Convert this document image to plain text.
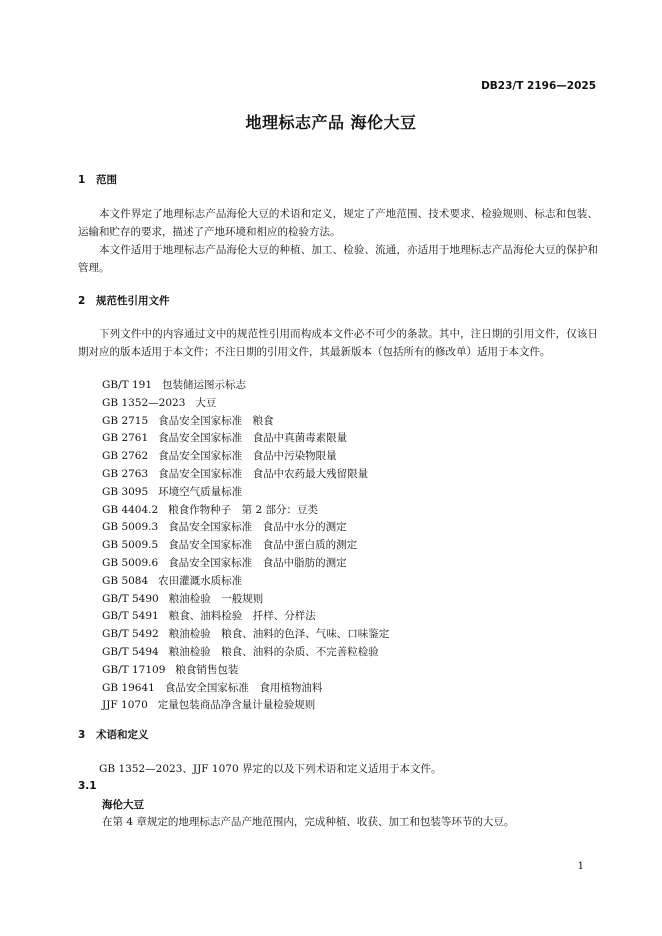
DB23/T 2196—2025
地理标志产品 海伦大豆
1 范围
本文件界定了地理标志产品海伦大豆的术语和定义，规定了产地范围、技术要求、检验规则、标志和包装、运输和贮存的要求，描述了产地环境和相应的检验方法。
本文件适用于地理标志产品海伦大豆的种植、加工、检验、流通，亦适用于地理标志产品海伦大豆的保护和管理。
2 规范性引用文件
下列文件中的内容通过文中的规范性引用而构成本文件必不可少的条款。其中，注日期的引用文件，仅该日期对应的版本适用于本文件；不注日期的引用文件，其最新版本（包括所有的修改单）适用于本文件。
GB/T 191 包装储运图示标志
GB 1352—2023 大豆
GB 2715 食品安全国家标准　粮食
GB 2761 食品安全国家标准　食品中真菌毒素限量
GB 2762 食品安全国家标准　食品中污染物限量
GB 2763 食品安全国家标准　食品中农药最大残留限量
GB 3095 环境空气质量标准
GB 4404.2 粮食作物种子　第 2 部分：豆类
GB 5009.3 食品安全国家标准　食品中水分的测定
GB 5009.5 食品安全国家标准　食品中蛋白质的测定
GB 5009.6 食品安全国家标准　食品中脂肪的测定
GB 5084 农田灌溉水质标准
GB/T 5490 粮油检验　一般规则
GB/T 5491 粮食、油料检验　扦样、分样法
GB/T 5492 粮油检验　粮食、油料的色泽、气味、口味鉴定
GB/T 5494 粮油检验　粮食、油料的杂质、不完善粒检验
GB/T 17109 粮食销售包装
GB 19641 食品安全国家标准　食用植物油料
JJF 1070 定量包装商品净含量计量检验规则
3 术语和定义
GB 1352—2023、JJF 1070 界定的以及下列术语和定义适用于本文件。
3.1
海伦大豆
在第 4 章规定的地理标志产品产地范围内，完成种植、收获、加工和包装等环节的大豆。
1
